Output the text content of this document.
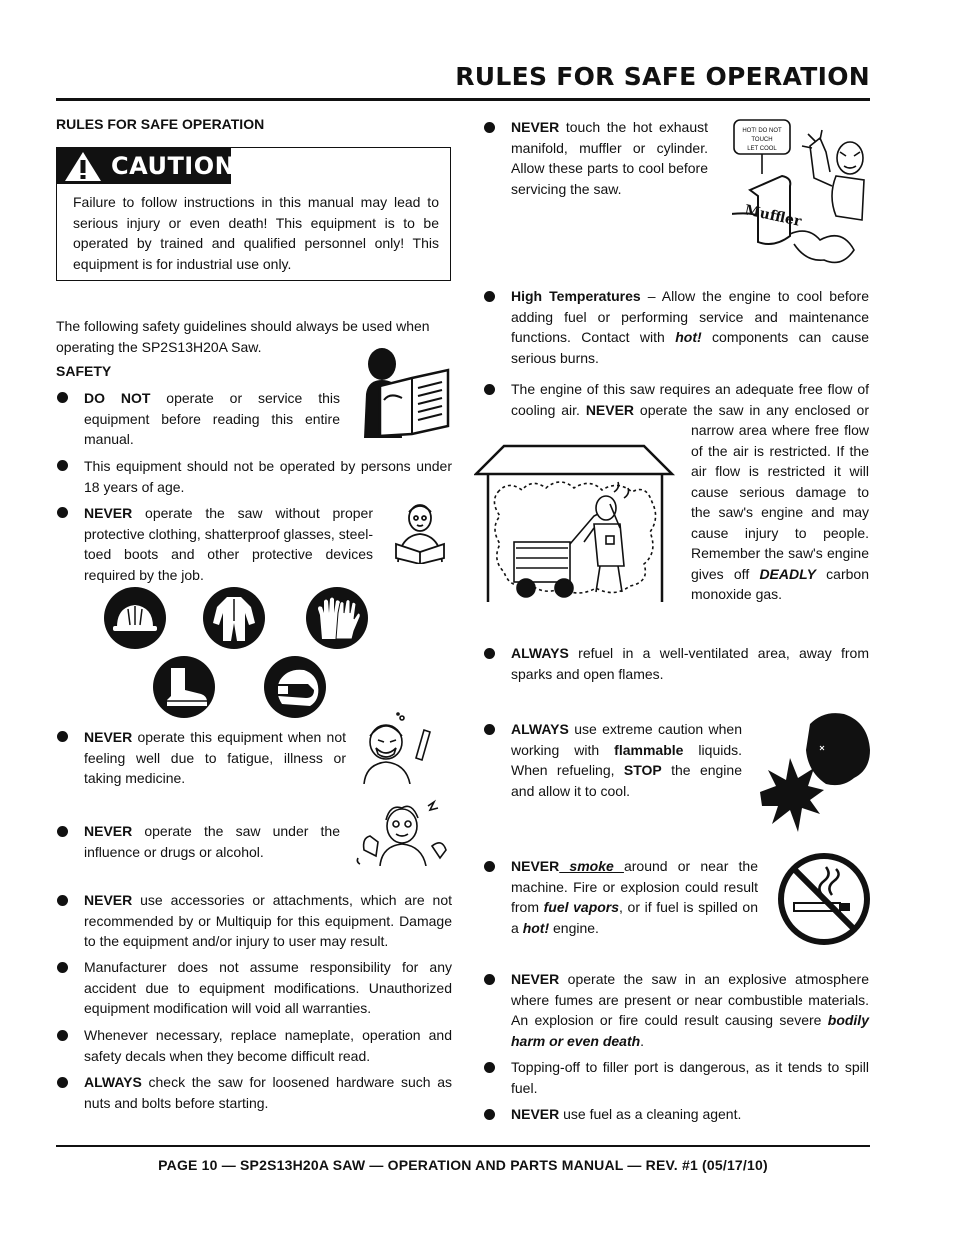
RULES FOR SAFE OPERATION
RULES FOR SAFE OPERATION
CAUTION

Failure to follow instructions in this manual may lead to serious injury or even death! This equipment is to be operated by trained and qualified personnel only! This equipment is for industrial use only.

The following safety guidelines should always be used when operating the SP2S13H20A Saw.

SAFETY

DO NOT operate or service this equipment before reading this entire manual.

This equipment should not be operated by persons under 18 years of age.

NEVER operate the saw without proper protective clothing, shatterproof glasses, steel-toed boots and other protective devices required by the job.

NEVER operate this equipment when not feeling well due to fatigue, illness or taking medicine.

NEVER operate the saw under the influence or drugs or alcohol.

NEVER use accessories or attachments, which are not recommended by or Multiquip for this equipment. Damage to the equipment and/or injury to user may result.

Manufacturer does not assume responsibility for any accident due to equipment modifications. Unauthorized equipment modification will void all warranties.

Whenever necessary, replace nameplate, operation and safety decals when they become difficult read.

ALWAYS check the saw for loosened hardware such as nuts and bolts before starting.

NEVER touch the hot exhaust manifold, muffler or cylinder. Allow these parts to cool before servicing the saw.

HOT! DO NOT
TOUCH
LET COOL
Muffler

High Temperatures – Allow the engine to cool before adding fuel or performing service and maintenance functions. Contact with hot! components can cause serious burns.

The engine of this saw requires an adequate free flow of cooling air. NEVER operate the saw in any enclosed or narrow area where free flow of the air is restricted. If the air flow is restricted it will cause serious damage to the saw's engine and may cause injury to people. Remember the saw's engine gives off DEADLY carbon monoxide gas.

ALWAYS refuel in a well-ventilated area, away from sparks and open flames.

ALWAYS use extreme caution when working with flammable liquids. When refueling, STOP the engine and allow it to cool.

NEVER smoke around or near the machine. Fire or explosion could result from fuel vapors, or if fuel is spilled on a hot! engine.

NEVER operate the saw in an explosive atmosphere where fumes are present or near combustible materials. An explosion or fire could result causing severe bodily harm or even death.

Topping-off to filler port is dangerous, as it tends to spill fuel.

NEVER use fuel as a cleaning agent.

PAGE 10 — SP2S13H20A SAW — OPERATION AND PARTS MANUAL — REV. #1 (05/17/10)
